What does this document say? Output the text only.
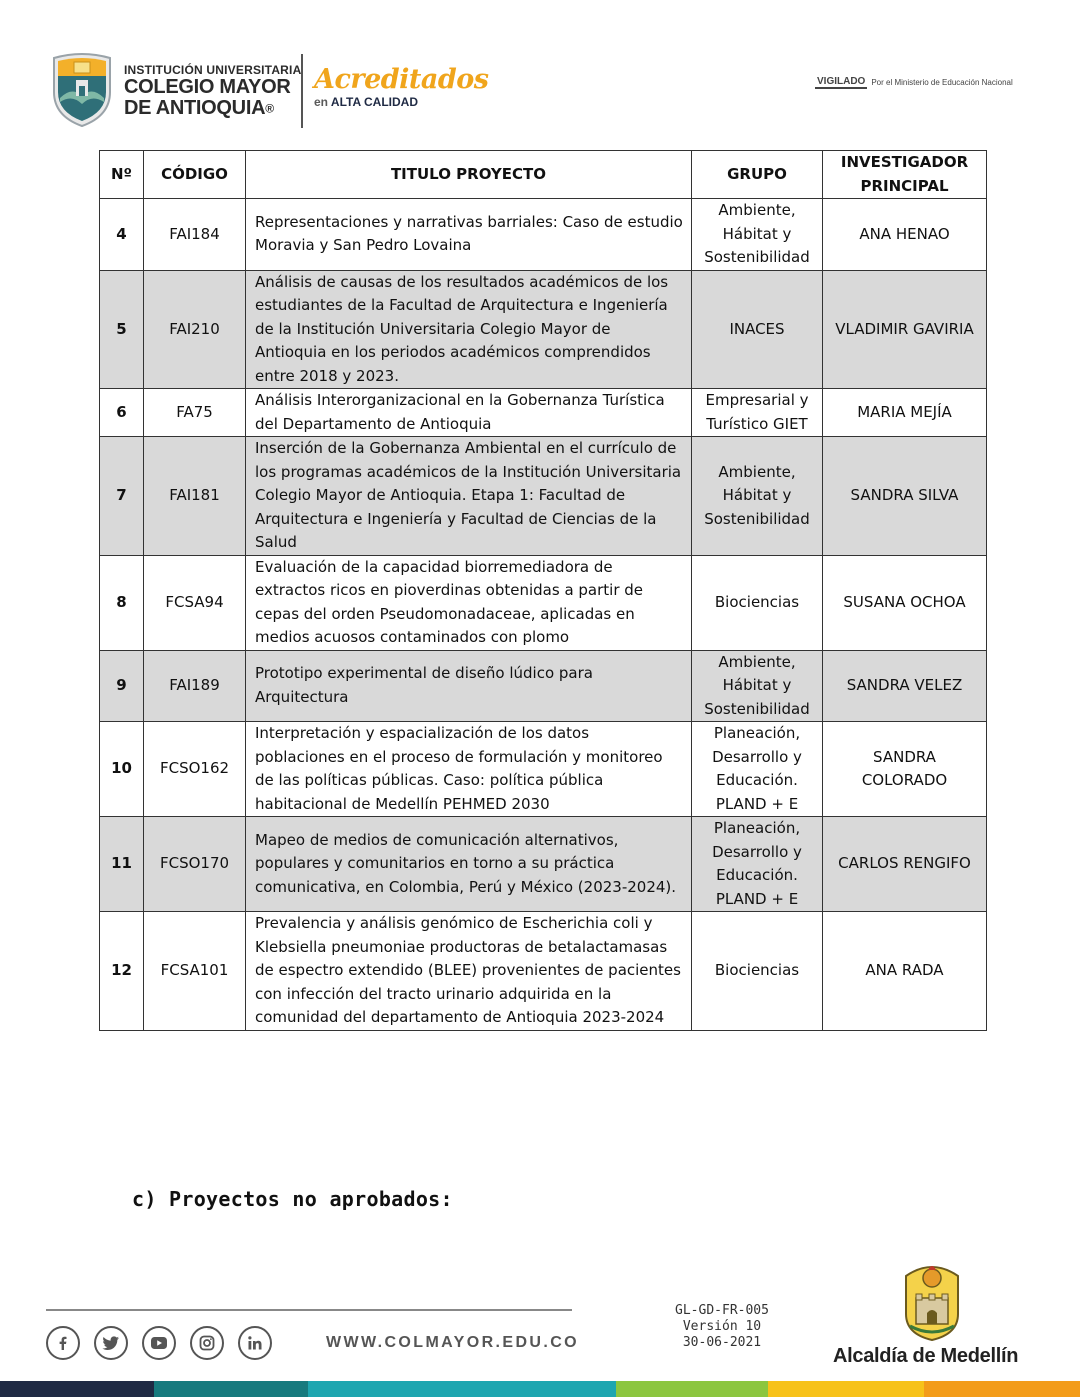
INSTITUCIÓN UNIVERSITARIA
COLEGIO MAYOR
DE ANTIOQUIA®
Acreditados
en ALTA CALIDAD
VIGILADO Por el Ministerio de Educación Nacional
Nº	CÓDIGO	TITULO PROYECTO	GRUPO	INVESTIGADOR PRINCIPAL
4	FAI184	Representaciones y narrativas barriales: Caso de estudio Moravia y San Pedro Lovaina	Ambiente, Hábitat y Sostenibilidad	ANA HENAO
5	FAI210	Análisis de causas de los resultados académicos de los estudiantes de la Facultad de Arquitectura e Ingeniería de la Institución Universitaria Colegio Mayor de Antioquia en los periodos académicos comprendidos entre 2018 y 2023.	INACES	VLADIMIR GAVIRIA
6	FA75	Análisis Interorganizacional en la Gobernanza Turística del Departamento de Antioquia	Empresarial y Turístico GIET	MARIA MEJÍA
7	FAI181	Inserción de la Gobernanza Ambiental en el currículo de los programas académicos de la Institución Universitaria Colegio Mayor de Antioquia. Etapa 1: Facultad de Arquitectura e Ingeniería y Facultad de Ciencias de la Salud	Ambiente, Hábitat y Sostenibilidad	SANDRA SILVA
8	FCSA94	Evaluación de la capacidad biorremediadora de extractos ricos en pioverdinas obtenidas a partir de cepas del orden Pseudomonadaceae, aplicadas en medios acuosos contaminados con plomo	Biociencias	SUSANA OCHOA
9	FAI189	Prototipo experimental de diseño lúdico para Arquitectura	Ambiente, Hábitat y Sostenibilidad	SANDRA VELEZ
10	FCSO162	Interpretación y espacialización de los datos poblaciones en el proceso de formulación y monitoreo de las políticas públicas. Caso: política pública habitacional de Medellín PEHMED 2030	Planeación, Desarrollo y Educación. PLAND + E	SANDRA COLORADO
11	FCSO170	Mapeo de medios de comunicación alternativos, populares y comunitarios en torno a su práctica comunicativa, en Colombia, Perú y México (2023-2024).	Planeación, Desarrollo y Educación. PLAND + E	CARLOS RENGIFO
12	FCSA101	Prevalencia y análisis genómico de Escherichia coli y Klebsiella pneumoniae productoras de betalactamasas de espectro extendido (BLEE) provenientes de pacientes con infección del tracto urinario adquirida en la comunidad del departamento de Antioquia 2023-2024	Biociencias	ANA RADA
c) Proyectos no aprobados:
WWW.COLMAYOR.EDU.CO
GL-GD-FR-005
Versión 10
30-06-2021
Alcaldía de Medellín
